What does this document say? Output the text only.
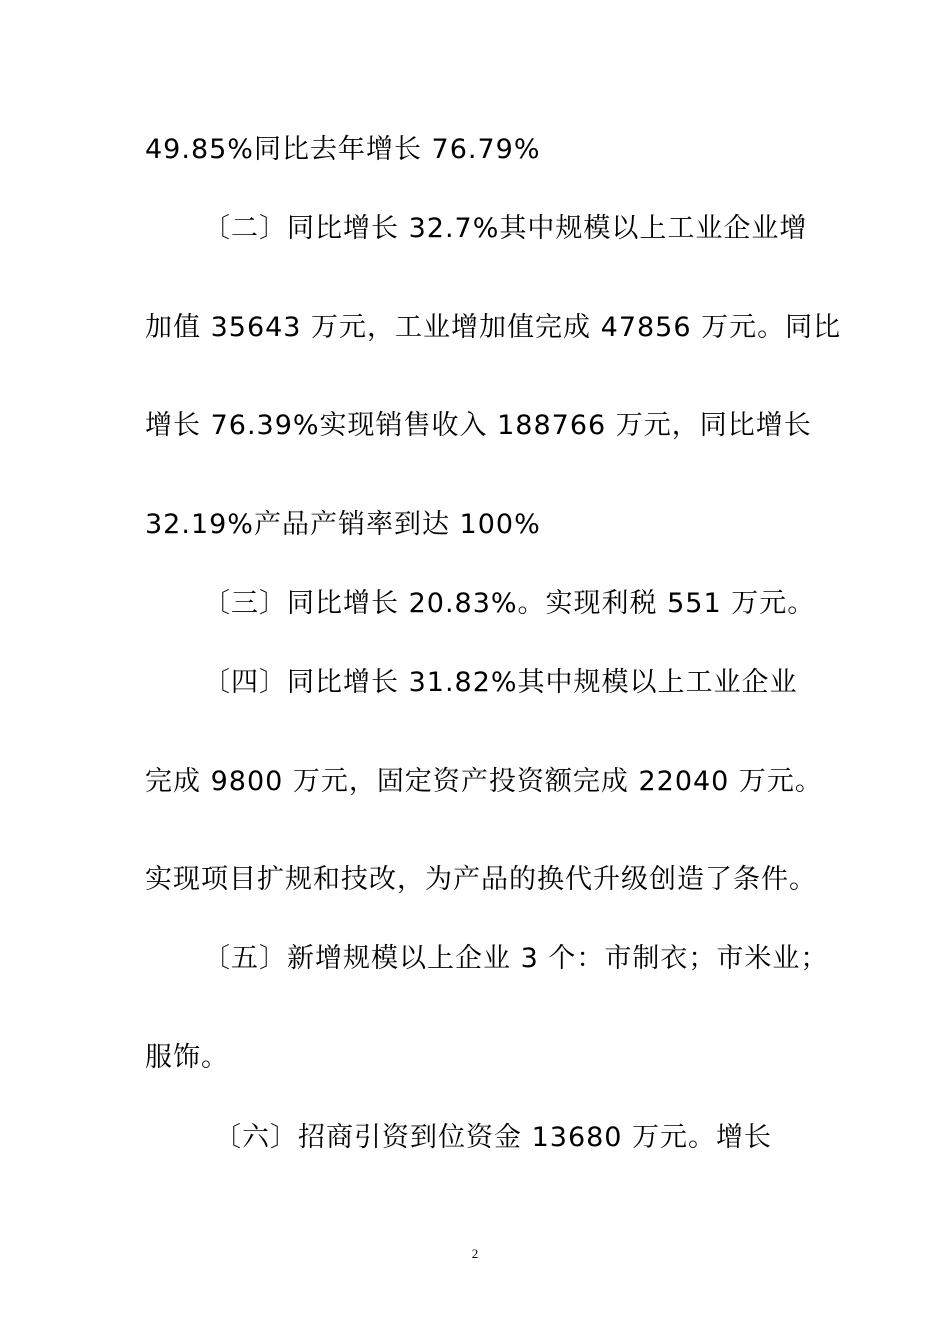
49.85%同比去年增长 76.79%
〔二〕同比增长 32.7%其中规模以上工业企业增
加值 35643 万元，工业增加值完成 47856 万元。同比
增长 76.39%实现销售收入 188766 万元，同比增长
32.19%产品产销率到达 100%
〔三〕同比增长 20.83%。实现利税 551 万元。
〔四〕同比增长 31.82%其中规模以上工业企业
完成 9800 万元，固定资产投资额完成 22040 万元。
实现项目扩规和技改，为产品的换代升级创造了条件。
〔五〕新增规模以上企业 3 个：市制衣；市米业；
服饰。
〔六〕招商引资到位资金 13680 万元。增长
2
